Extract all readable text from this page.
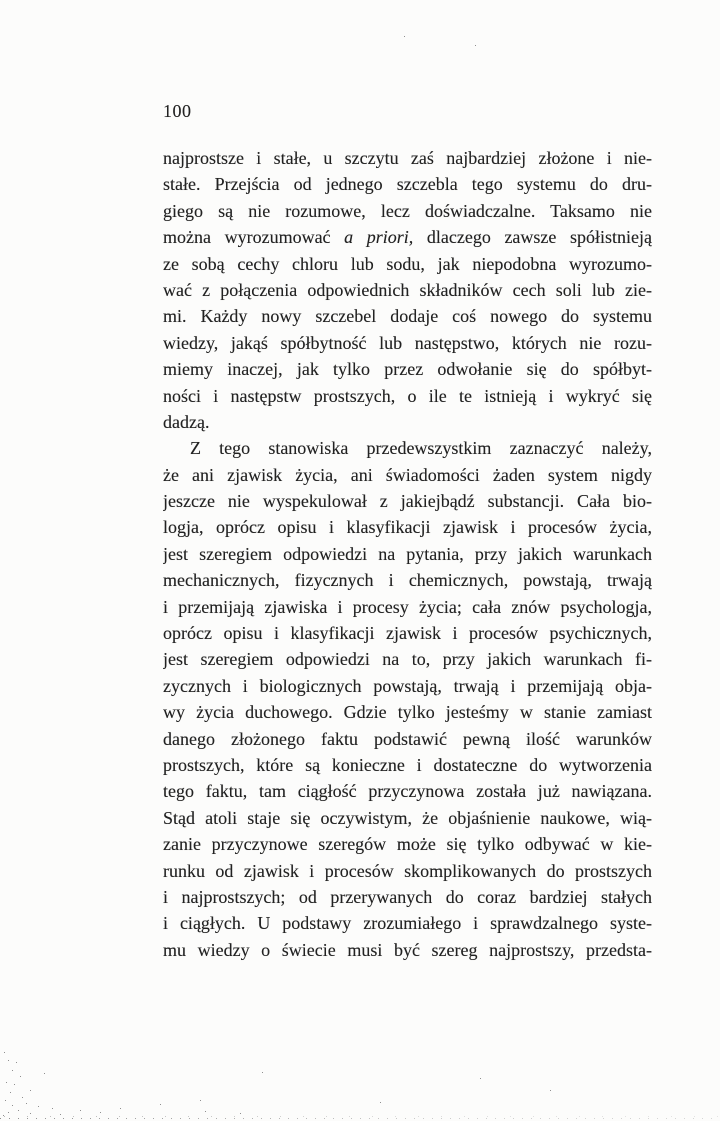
100
najprostsze i stałe, u szczytu zaś najbardziej złożone i nie-
stałe. Przejścia od jednego szczebla tego systemu do dru-
giego są nie rozumowe, lecz doświadczalne. Taksamo nie
można wyrozumować a priori, dlaczego zawsze spółistnieją
ze sobą cechy chloru lub sodu, jak niepodobna wyrozumo-
wać z połączenia odpowiednich składników cech soli lub zie-
mi. Każdy nowy szczebel dodaje coś nowego do systemu
wiedzy, jakąś spółbytność lub następstwo, których nie rozu-
miemy inaczej, jak tylko przez odwołanie się do spółbyt-
ności i następstw prostszych, o ile te istnieją i wykryć się
dadzą.
Z tego stanowiska przedewszystkim zaznaczyć należy,
że ani zjawisk życia, ani świadomości żaden system nigdy
jeszcze nie wyspekulował z jakiejbądź substancji. Cała bio-
logja, oprócz opisu i klasyfikacji zjawisk i procesów życia,
jest szeregiem odpowiedzi na pytania, przy jakich warunkach
mechanicznych, fizycznych i chemicznych, powstają, trwają
i przemijają zjawiska i procesy życia; cała znów psychologja,
oprócz opisu i klasyfikacji zjawisk i procesów psychicznych,
jest szeregiem odpowiedzi na to, przy jakich warunkach fi-
zycznych i biologicznych powstają, trwają i przemijają obja-
wy życia duchowego. Gdzie tylko jesteśmy w stanie zamiast
danego złożonego faktu podstawić pewną ilość warunków
prostszych, które są konieczne i dostateczne do wytworzenia
tego faktu, tam ciągłość przyczynowa została już nawiązana.
Stąd atoli staje się oczywistym, że objaśnienie naukowe, wią-
zanie przyczynowe szeregów może się tylko odbywać w kie-
runku od zjawisk i procesów skomplikowanych do prostszych
i najprostszych; od przerywanych do coraz bardziej stałych
i ciągłych. U podstawy zrozumiałego i sprawdzalnego syste-
mu wiedzy o świecie musi być szereg najprostszy, przedsta-
